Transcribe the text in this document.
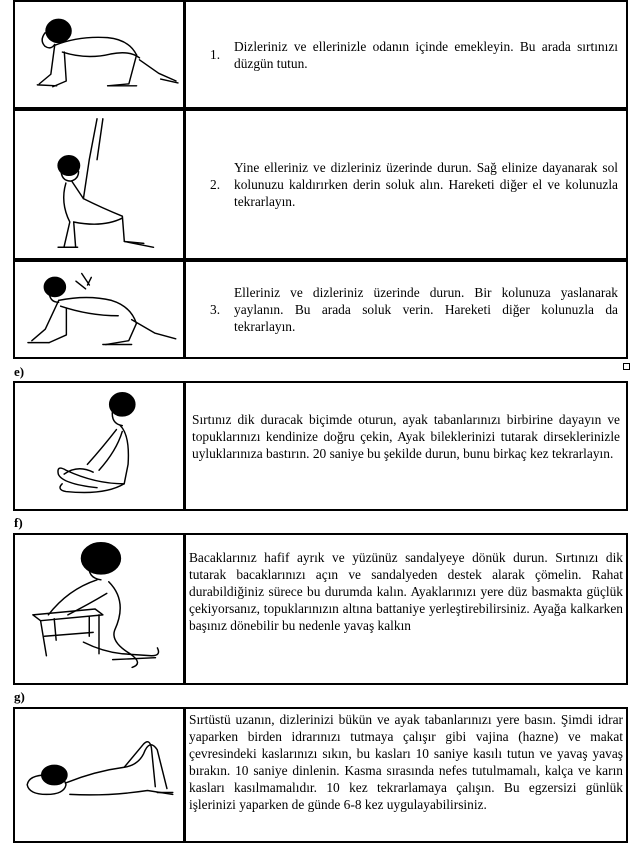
1.
Dizleriniz ve ellerinizle odanın içinde emekleyin. Bu arada sırtınızı düzgün tutun.
2.
Yine elleriniz ve dizleriniz üzerinde durun. Sağ elinize dayanarak sol kolunuzu kaldırırken derin soluk alın. Hareketi diğer el ve kolunuzla tekrarlayın.
3.
Elleriniz ve dizleriniz üzerinde durun. Bir kolunuza yaslanarak yaylanın. Bu arada soluk verin. Hareketi diğer kolunuzla da tekrarlayın.
e)
Sırtınız dik duracak biçimde oturun, ayak tabanlarınızı birbirine dayayın ve topuklarınızı kendinize doğru çekin, Ayak bileklerinizi tutarak dirseklerinizle uyluklarınıza bastırın. 20 saniye bu şekilde durun, bunu birkaç kez tekrarlayın.
f)
Bacaklarınız hafif ayrık ve yüzünüz sandalyeye dönük durun. Sırtınızı dik tutarak bacaklarınızı açın ve sandalyeden destek alarak çömelin. Rahat durabildiğiniz sürece bu durumda kalın. Ayaklarınızı yere düz basmakta güçlük çekiyorsanız, topuklarınızın altına battaniye yerleştirebilirsiniz. Ayağa kalkarken başınız dönebilir bu nedenle yavaş kalkın
g)
Sırtüstü uzanın, dizlerinizi bükün ve ayak tabanlarınızı yere basın. Şimdi idrar yaparken birden idrarınızı tutmaya çalışır gibi vajina (hazne) ve makat çevresindeki kaslarınızı sıkın, bu kasları 10 saniye kasılı tutun ve yavaş yavaş bırakın. 10 saniye dinlenin. Kasma sırasında nefes tutulmamalı, kalça ve karın kasları kasılmamalıdır. 10 kez tekrarlamaya çalışın. Bu egzersizi günlük işlerinizi yaparken de günde 6-8 kez uygulayabilirsiniz.
